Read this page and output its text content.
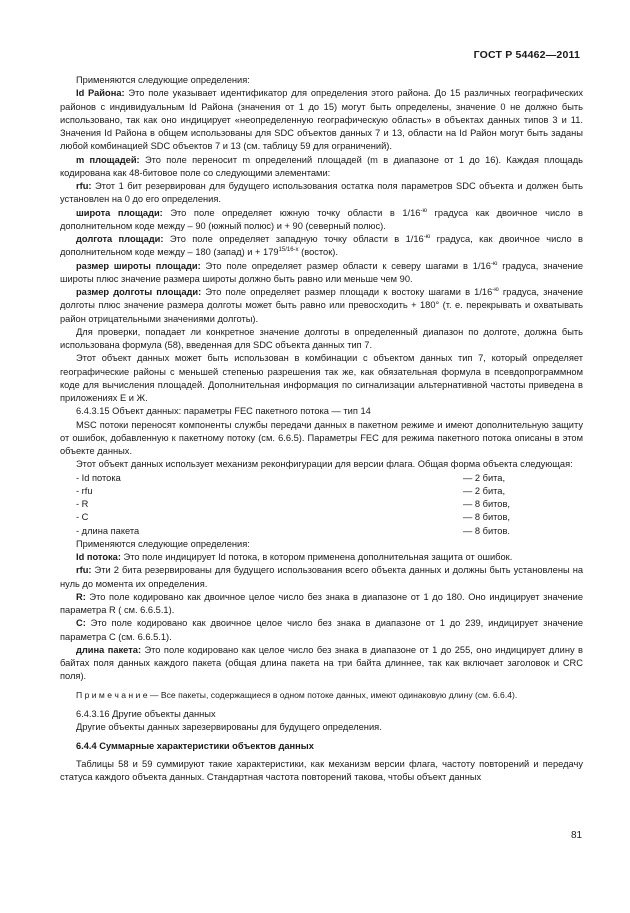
ГОСТ Р 54462—2011

Применяются следующие определения:

Id Района: Это поле указывает идентификатор для определения этого района. До 15 различных географических районов с индивидуальным Id Района (значения от 1 до 15) могут быть определены, значение 0 не должно быть использовано, так как оно индицирует «неопределенную географическую область» в объектах данных типов 3 и 11. Значения Id Района в общем использованы для SDC объектов данных 7 и 13, области на Id Район могут быть заданы любой комбинацией SDC объектов 7 и 13 (см. таблицу 59 для ограничений).

m площадей: Это поле переносит m определений площадей (m в диапазоне от 1 до 16). Каждая площадь кодирована как 48-битовое поле со следующими элементами:

rfu: Этот 1 бит резервирован для будущего использования остатка поля параметров SDC объекта и должен быть установлен на 0 до его определения.

широта площади: Это поле определяет южную точку области в $1/16^{-ю}$ градуса как двоичное число в дополнительном коде между – 90 (южный полюс) и + 90 (северный полюс).

долгота площади: Это поле определяет западную точку области в $1/16^{-ю}$ градуса, как двоичное число в дополнительном коде между – 180 (запад) $и + 179^{15/16-х}$ (восток).

размер широты площади: Это поле определяет размер области к северу шагами в $1/16^{-ю}$ градуса, значение широты плюс значение размера широты должно быть равно или меньше чем 90.

размер долготы площади: Это поле определяет размер площади к востоку шагами в $1/16^{-ю}$ градуса, значение долготы плюс значение размера долготы может быть равно или превосходить + 180° (т. е. перекрывать и охватывать район отрицательными значениями долготы).

Для проверки, попадает ли конкретное значение долготы в определенный диапазон по долготе, должна быть использована формула (58), введенная для SDC объекта данных тип 7.

Этот объект данных может быть использован в комбинации с объектом данных тип 7, который определяет географические районы с меньшей степенью разрешения так же, как обязательная формула в псевдопрограммном коде для вычисления площадей. Дополнительная информация по сигнализации альтернативной частоты приведена в приложениях Е и Ж.

6.4.3.15 Объект данных: параметры FEC пакетного потока — тип 14

MSC потоки переносят компоненты службы передачи данных в пакетном режиме и имеют дополнительную защиту от ошибок, добавленную к пакетному потоку (см. 6.6.5). Параметры FEC для режима пакетного потока описаны в этом объекте данных.

Этот объект данных использует механизм реконфигурации для версии флага. Общая форма объекта следующая:

- Id потока	— 2 бита,
- rfu	— 2 бита,
- R	— 8 битов,
- C	— 8 битов,
- длина пакета	— 8 битов.

Применяются следующие определения:

Id потока: Это поле индицирует Id потока, в котором применена дополнительная защита от ошибок.

rfu: Эти 2 бита резервированы для будущего использования всего объекта данных и должны быть установлены на нуль до момента их определения.

R: Это поле кодировано как двоичное целое число без знака в диапазоне от 1 до 180. Оно индицирует значение параметра R ( см. 6.6.5.1).

C: Это поле кодировано как двоичное целое число без знака в диапазоне от 1 до 239, индицирует значение параметра С (см. 6.6.5.1).

длина пакета: Это поле кодировано как целое число без знака в диапазоне от 1 до 255, оно индицирует длину в байтах поля данных каждого пакета (общая длина пакета на три байта длиннее, так как включает заголовок и CRC поля).

П р и м е ч а н и е — Все пакеты, содержащиеся в одном потоке данных, имеют одинаковую длину (см. 6.6.4).

6.4.3.16 Другие объекты данных

Другие объекты данных зарезервированы для будущего определения.

6.4.4 Суммарные характеристики объектов данных

Таблицы 58 и 59 суммируют такие характеристики, как механизм версии флага, частоту повторений и передачу статуса каждого объекта данных. Стандартная частота повторений такова, чтобы объект данных

81
